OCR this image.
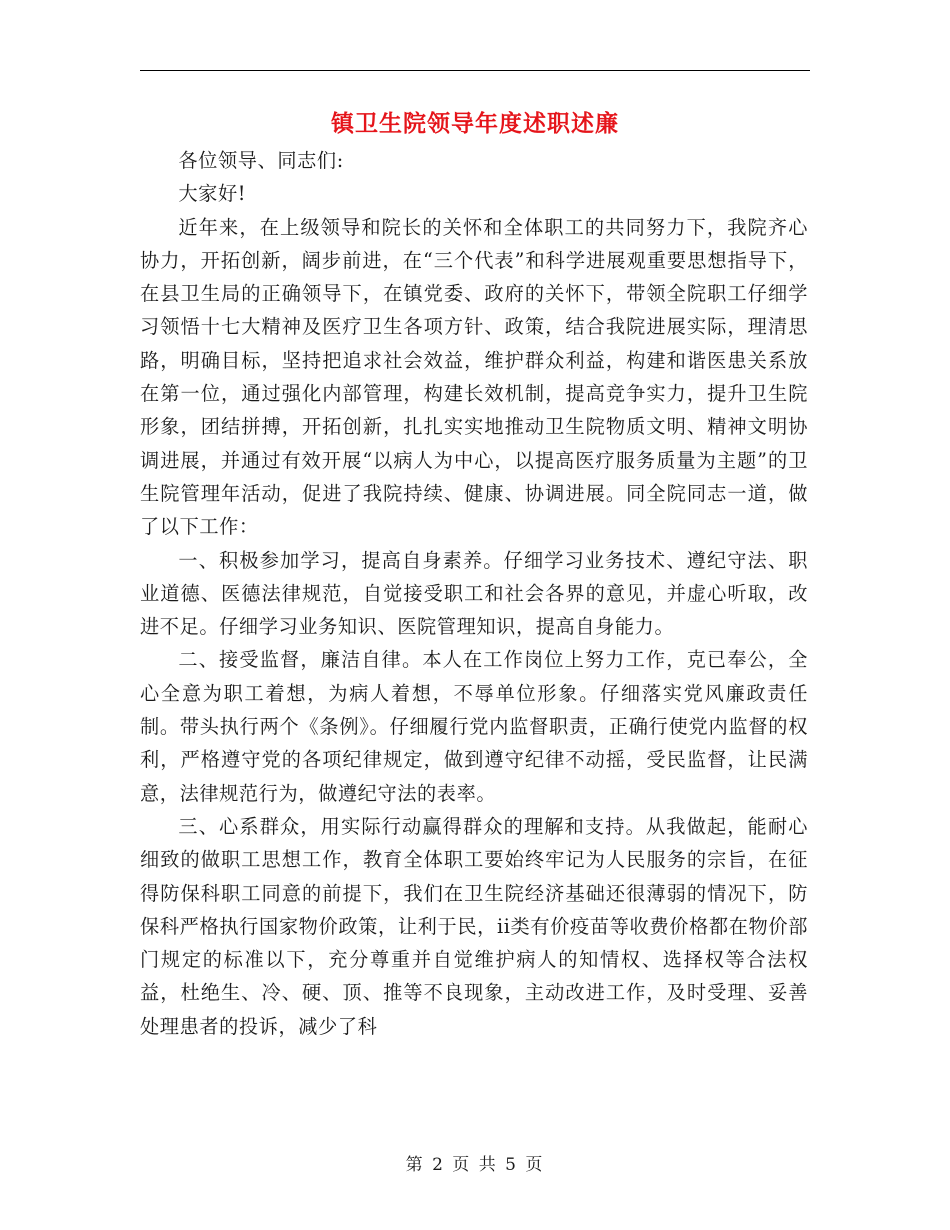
镇卫生院领导年度述职述廉

各位领导、同志们:

大家好!

近年来，在上级领导和院长的关怀和全体职工的共同努力下，我院齐心协力，开拓创新，阔步前进，在“三个代表”和科学进展观重要思想指导下，在县卫生局的正确领导下，在镇党委、政府的关怀下，带领全院职工仔细学习领悟十七大精神及医疗卫生各项方针、政策，结合我院进展实际，理清思路，明确目标，坚持把追求社会效益，维护群众利益，构建和谐医患关系放在第一位，通过强化内部管理，构建长效机制，提高竞争实力，提升卫生院形象，团结拼搏，开拓创新，扎扎实实地推动卫生院物质文明、精神文明协调进展，并通过有效开展“以病人为中心，以提高医疗服务质量为主题”的卫生院管理年活动，促进了我院持续、健康、协调进展。同全院同志一道，做了以下工作：

一、积极参加学习，提高自身素养。仔细学习业务技术、遵纪守法、职业道德、医德法律规范，自觉接受职工和社会各界的意见，并虚心听取，改进不足。仔细学习业务知识、医院管理知识，提高自身能力。

二、接受监督，廉洁自律。本人在工作岗位上努力工作，克已奉公，全心全意为职工着想，为病人着想，不辱单位形象。仔细落实党风廉政责任制。带头执行两个《条例》。仔细履行党内监督职责，正确行使党内监督的权利，严格遵守党的各项纪律规定，做到遵守纪律不动摇，受民监督，让民满意，法律规范行为，做遵纪守法的表率。

三、心系群众，用实际行动赢得群众的理解和支持。从我做起，能耐心细致的做职工思想工作，教育全体职工要始终牢记为人民服务的宗旨，在征得防保科职工同意的前提下，我们在卫生院经济基础还很薄弱的情况下，防保科严格执行国家物价政策，让利于民，ii类有价疫苗等收费价格都在物价部门规定的标准以下，充分尊重并自觉维护病人的知情权、选择权等合法权益，杜绝生、冷、硬、顶、推等不良现象，主动改进工作，及时受理、妥善处理患者的投诉，减少了科

第 2 页 共 5 页
